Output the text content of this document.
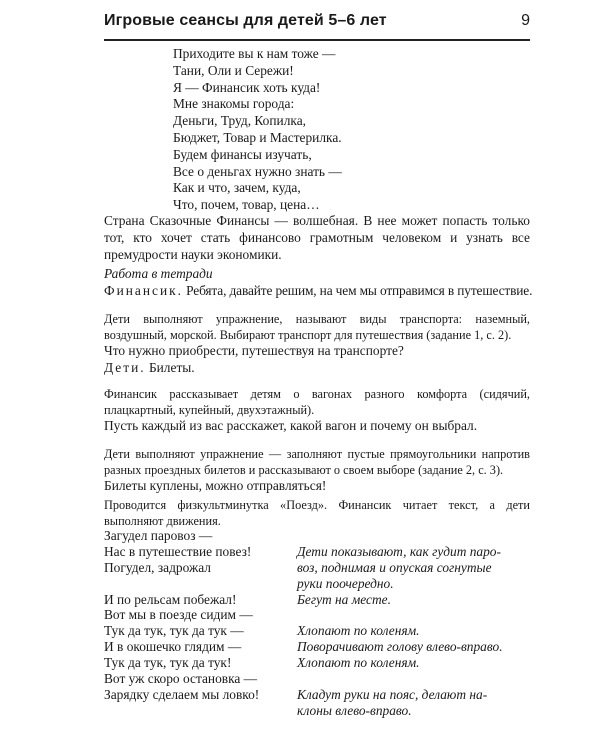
Игровые сеансы для детей 5–6 лет	9
Приходите вы к нам тоже —
Тани, Оли и Сережи!
Я — Финансик хоть куда!
Мне знакомы города:
Деньги, Труд, Копилка,
Бюджет, Товар и Мастерилка.
Будем финансы изучать,
Все о деньгах нужно знать —
Как и что, зачем, куда,
Что, почем, товар, цена…
Страна Сказочные Финансы — волшебная. В нее может попасть только тот, кто хочет стать финансово грамотным человеком и узнать все премудрости науки экономики.
Работа в тетради
Финансик. Ребята, давайте решим, на чем мы отправимся в путешествие.
Дети выполняют упражнение, называют виды транспорта: наземный, воздушный, морской. Выбирают транспорт для путешествия (задание 1, с. 2).
Что нужно приобрести, путешествуя на транспорте?
Дети. Билеты.
Финансик рассказывает детям о вагонах разного комфорта (сидячий, плацкартный, купейный, двухэтажный).
Пусть каждый из вас расскажет, какой вагон и почему он выбрал.
Дети выполняют упражнение — заполняют пустые прямоугольники напротив разных проездных билетов и рассказывают о своем выборе (задание 2, с. 3).
Билеты куплены, можно отправляться!
Проводится физкультминутка «Поезд». Финансик читает текст, а дети выполняют движения.
Загудел паровоз —
Нас в путешествие повез!
Погудел, задрожал
И по рельсам побежал!
Вот мы в поезде сидим —
Тук да тук, тук да тук —
И в окошечко глядим —
Тук да тук, тук да тук!
Вот уж скоро остановка —
Зарядку сделаем мы ловко!
Дети показывают, как гудит паро-
воз, поднимая и опуская согнутые
руки поочередно.
Бегут на месте.
Хлопают по коленям.
Поворачивают голову влево-вправо.
Хлопают по коленям.
Кладут руки на пояс, делают на-
клоны влево-вправо.
